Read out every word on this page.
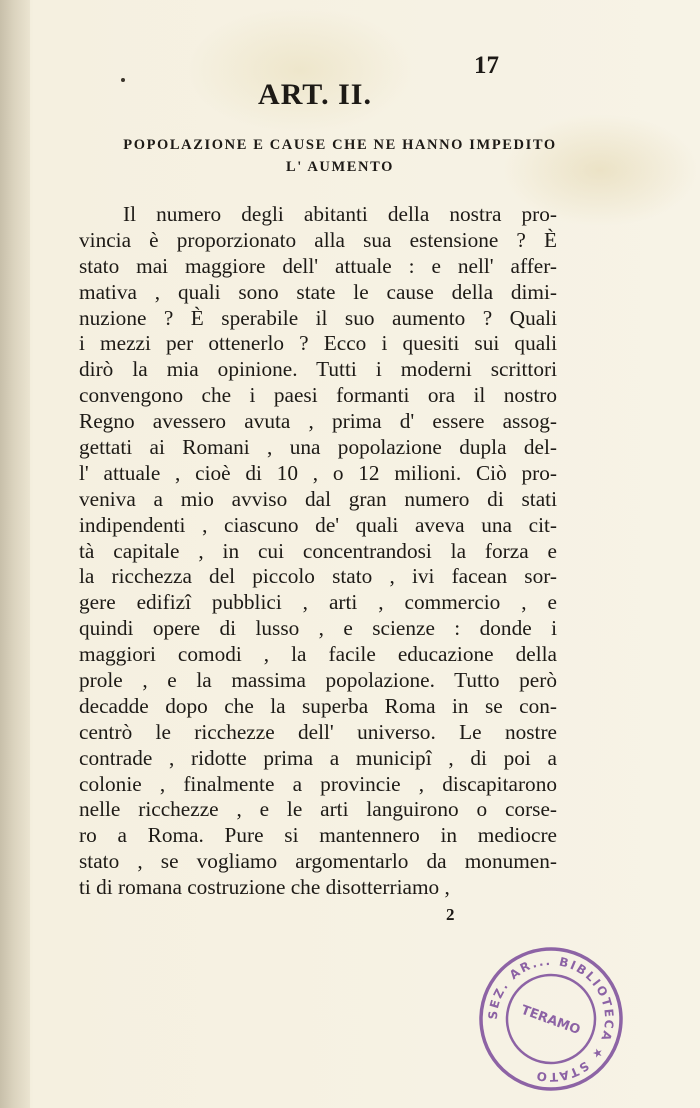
17
ART. II.
POPOLAZIONE E CAUSE CHE NE HANNO IMPEDITO
L' AUMENTO
Il numero degli abitanti della nostra pro-
vincia è proporzionato alla sua estensione ? È
stato mai maggiore dell' attuale : e nell' affer-
mativa , quali sono state le cause della dimi-
nuzione ? È sperabile il suo aumento ? Quali
i mezzi per ottenerlo ? Ecco i quesiti sui quali
dirò la mia opinione. Tutti i moderni scrittori
convengono che i paesi formanti ora il nostro
Regno avessero avuta , prima d' essere assog-
gettati ai Romani , una popolazione dupla del-
l' attuale , cioè di 10 , o 12 milioni. Ciò pro-
veniva a mio avviso dal gran numero di stati
indipendenti , ciascuno de' quali aveva una cit-
tà capitale , in cui concentrandosi la forza e
la ricchezza del piccolo stato , ivi facean sor-
gere edifizî pubblici , arti , commercio , e
quindi opere di lusso , e scienze : donde i
maggiori comodi , la facile educazione della
prole , e la massima popolazione. Tutto però
decadde dopo che la superba Roma in se con-
centrò le ricchezze dell' universo. Le nostre
contrade , ridotte prima a municipî , di poi a
colonie , finalmente a provincie , discapitarono
nelle ricchezze , e le arti languirono o corse-
ro a Roma. Pure si mantennero in mediocre
stato , se vogliamo argomentarlo da monumen-
ti di romana costruzione che disotterriamo ,
2
SEZ. AR... BIBLIOTECA ★ STATO
TERAMO
